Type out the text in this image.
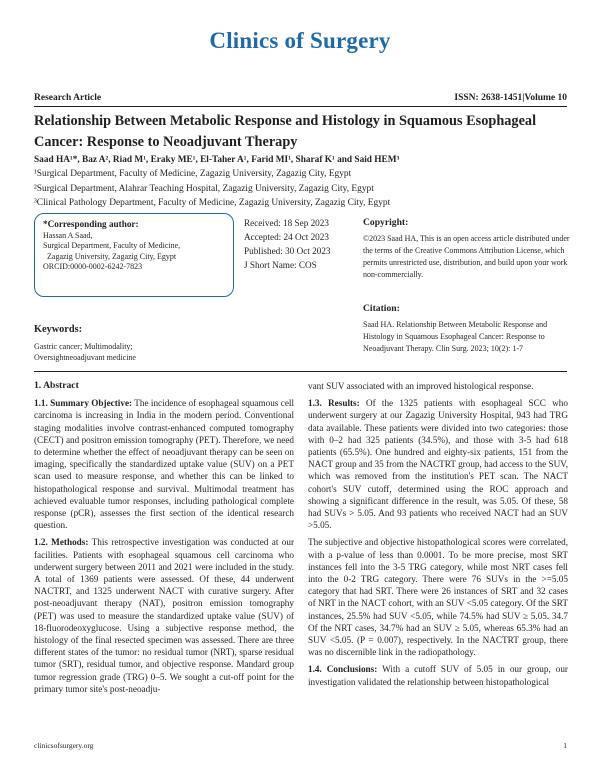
Clinics of Surgery
Research Article	ISSN: 2638-1451|Volume 10
Relationship Between Metabolic Response and Histology in Squamous Esophageal Cancer: Response to Neoadjuvant Therapy
Saad HA¹*, Baz A², Riad M¹, Eraky ME¹, El-Taher A¹, Farid MI¹, Sharaf K¹ and Said HEM³
¹Surgical Department, Faculty of Medicine, Zagazig University, Zagazig City, Egypt
²Surgical Department, Alahrar Teaching Hospital, Zagazig University, Zagazig City, Egypt
³Clinical Pathology Department, Faculty of Medicine, Zagazig University, Zagazig City, Egypt
*Corresponding author:
Hassan A Saad,
Surgical Department, Faculty of Medicine,
Zagazig University, Zagazig City, Egypt
ORCID:0000-0002-6242-7823
Received: 18 Sep 2023
Accepted: 24 Oct 2023
Published: 30 Oct 2023
J Short Name: COS
Copyright:
©2023 Saad HA, This is an open access article distributed under the terms of the Creative Commons Attribution License, which permits unrestricted use, distribution, and build upon your work non-commercially.
Citation:
Saad HA. Relationship Between Metabolic Response and Histology in Squamous Esophageal Cancer: Response to Neoadjuvant Therapy. Clin Surg. 2023; 10(2): 1-7
Keywords:
Gastric cancer; Multimodality;
Oversightneoadjuvant medicine
1. Abstract

1.1. Summary Objective: The incidence of esophageal squamous cell carcinoma is increasing in India in the modern period. Conventional staging modalities involve contrast-enhanced computed tomography (CECT) and positron emission tomography (PET). Therefore, we need to determine whether the effect of neoadjuvant therapy can be seen on imaging, specifically the standardized uptake value (SUV) on a PET scan used to measure response, and whether this can be linked to histopathological response and survival. Multimodal treatment has achieved evaluable tumor responses, including pathological complete response (pCR), assesses the first section of the identical research question.

1.2. Methods: This retrospective investigation was conducted at our facilities. Patients with esophageal squamous cell carcinoma who underwent surgery between 2011 and 2021 were included in the study. A total of 1369 patients were assessed. Of these, 44 underwent NACTRT, and 1325 underwent NACT with curative surgery. After post-neoadjuvant therapy (NAT), positron emission tomography (PET) was used to measure the standardized uptake value (SUV) of 18-fluorodeoxyglucose. Using a subjective response method, the histology of the final resected specimen was assessed. There are three different states of the tumor: no residual tumor (NRT), sparse residual tumor (SRT), residual tumor, and objective response. Mandard group tumor regression grade (TRG) 0–5. We sought a cut-off point for the primary tumor site's post-neoadju-

vant SUV associated with an improved histological response.

1.3. Results: Of the 1325 patients with esophageal SCC who underwent surgery at our Zagazig University Hospital, 943 had TRG data available. These patients were divided into two categories: those with 0–2 had 325 patients (34.5%), and those with 3-5 had 618 patients (65.5%). One hundred and eighty-six patients, 151 from the NACT group and 35 from the NACTRT group, had access to the SUV, which was removed from the institution's PET scan. The NACT cohort's SUV cutoff, determined using the ROC approach and showing a significant difference in the result, was 5.05. Of these, 58 had SUVs > 5.05. And 93 patients who received NACT had an SUV >5.05.

The subjective and objective histopathological scores were correlated, with a p-value of less than 0.0001. To be more precise, most SRT instances fell into the 3-5 TRG category, while most NRT cases fell into the 0-2 TRG category. There were 76 SUVs in the >=5.05 category that had SRT. There were 26 instances of SRT and 32 cases of NRT in the NACT cohort, with an SUV <5.05 category. Of the SRT instances, 25.5% had SUV <5.05, while 74.5% had SUV ≥ 5.05. 34.7 Of the NRT cases, 34.7% had an SUV ≥ 5.05, whereas 65.3% had an SUV <5.05. (P = 0.007), respectively. In the NACTRT group, there was no discernible link in the radiopathology.

1.4. Conclusions: With a cutoff SUV of 5.05 in our group, our investigation validated the relationship between histopathological

clinicsofsurgery.org	1
